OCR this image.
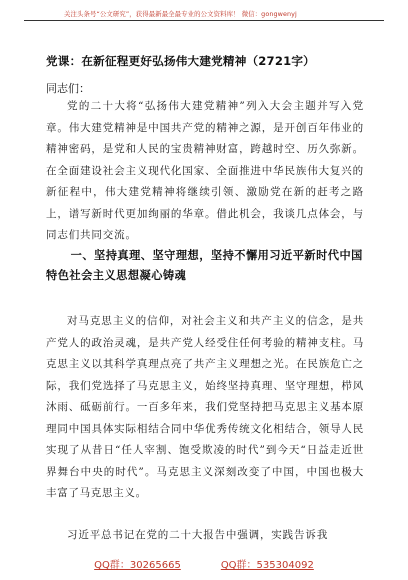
关注头条号“公文研究”，获得最新最全最专业的公文资料库！ 微信：gongwenyj
党课：在新征程更好弘扬伟大建党精神（2721字）
同志们：
党的二十大将“弘扬伟大建党精神”列入大会主题并写入党章。伟大建党精神是中国共产党的精神之源，是开创百年伟业的精神密码，是党和人民的宝贵精神财富，跨越时空、历久弥新。在全面建设社会主义现代化国家、全面推进中华民族伟大复兴的新征程中，伟大建党精神将继续引领、激励党在新的赶考之路上，谱写新时代更加绚丽的华章。借此机会，我谈几点体会，与同志们共同交流。
一、坚持真理、坚守理想，坚持不懈用习近平新时代中国特色社会主义思想凝心铸魂
对马克思主义的信仰，对社会主义和共产主义的信念，是共产党人的政治灵魂，是共产党人经受住任何考验的精神支柱。马克思主义以其科学真理点亮了共产主义理想之光。在民族危亡之际，我们党选择了马克思主义，始终坚持真理、坚守理想，栉风沐雨、砥砺前行。一百多年来，我们党坚持把马克思主义基本原理同中国具体实际相结合同中华优秀传统文化相结合，领导人民实现了从昔日“任人宰割、饱受欺凌的时代”到今天“日益走近世界舞台中央的时代”。马克思主义深刻改变了中国，中国也极大丰富了马克思主义。
习近平总书记在党的二十大报告中强调，实践告诉我
QQ群：30265665	QQ群：535304092
